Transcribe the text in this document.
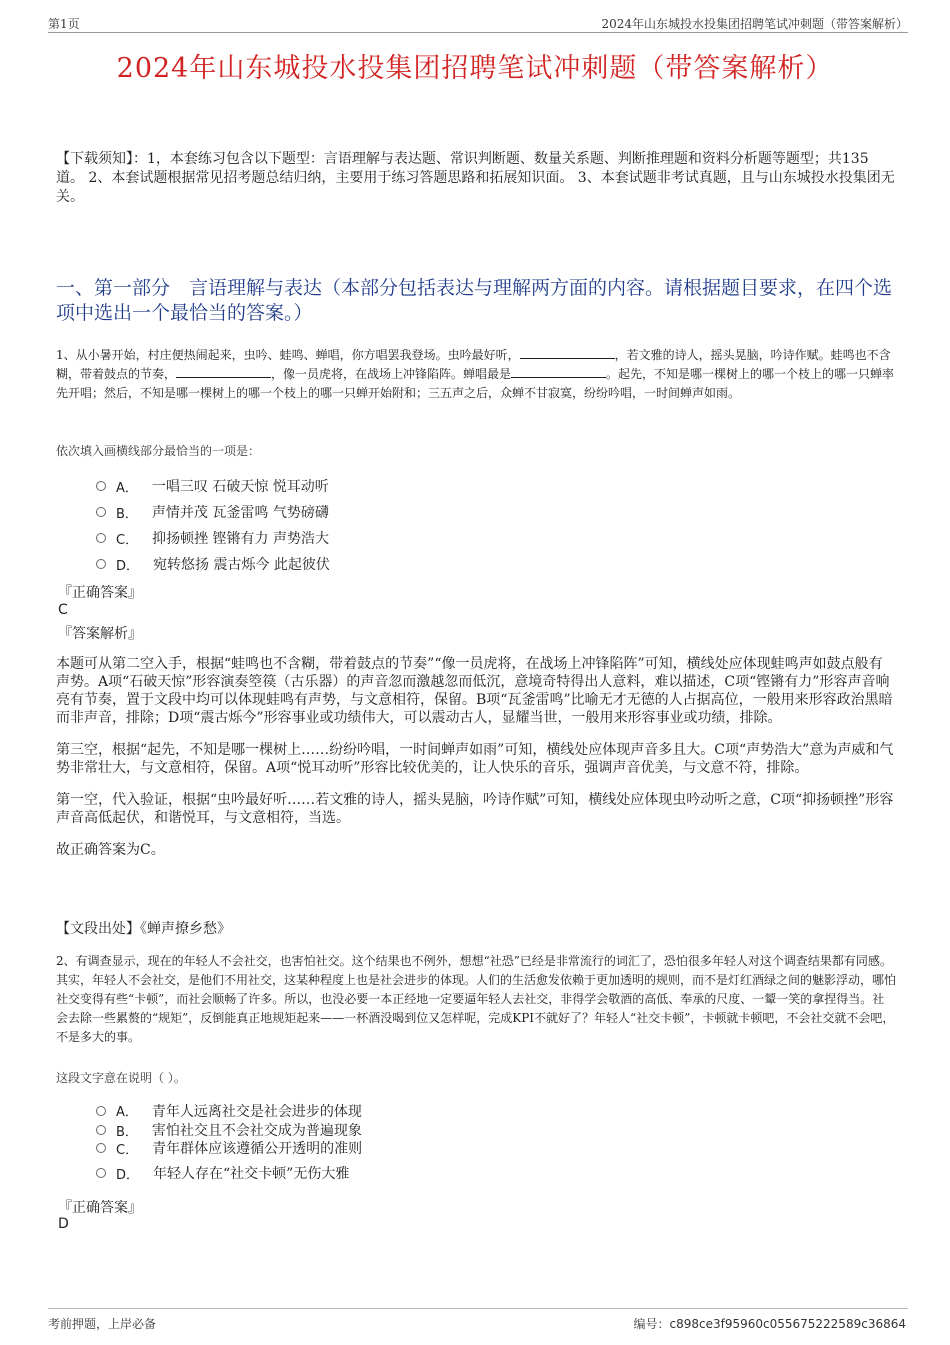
第1页	2024年山东城投水投集团招聘笔试冲刺题（带答案解析）
2024年山东城投水投集团招聘笔试冲刺题（带答案解析）
【下载须知】：1，本套练习包含以下题型：言语理解与表达题、常识判断题、数量关系题、判断推理题和资料分析题等题型；共135道。 2、本套试题根据常见招考题总结归纳，主要用于练习答题思路和拓展知识面。 3、本套试题非考试真题，且与山东城投水投集团无关。
一、第一部分　言语理解与表达（本部分包括表达与理解两方面的内容。请根据题目要求，在四个选项中选出一个最恰当的答案。）

1、从小暑开始，村庄便热闹起来，虫吟、蛙鸣、蝉唱，你方唱罢我登场。虫吟最好听，	，若文雅的诗人，摇头晃脑，吟诗作赋。蛙鸣也不含糊，带着鼓点的节奏，	，像一员虎将，在战场上冲锋陷阵。蝉唱最是	。起先，不知是哪一棵树上的哪一个枝上的哪一只蝉率先开唱；然后，不知是哪一棵树上的哪一个枝上的哪一只蝉开始附和；三五声之后，众蝉不甘寂寞，纷纷吟唱，一时间蝉声如雨。

依次填入画横线部分最恰当的一项是：

A． 一唱三叹 石破天惊 悦耳动听
B． 声情并茂 瓦釜雷鸣 气势磅礴
C． 抑扬顿挫 铿锵有力 声势浩大
D． 宛转悠扬 震古烁今 此起彼伏
『正确答案』
C
『答案解析』

本题可从第二空入手，根据“蛙鸣也不含糊，带着鼓点的节奏”“像一员虎将，在战场上冲锋陷阵”可知，横线处应体现蛙鸣声如鼓点般有声势。A项“石破天惊”形容演奏箜篌（古乐器）的声音忽而激越忽而低沉，意境奇特得出人意料，难以描述，C项“铿锵有力”形容声音响亮有节奏，置于文段中均可以体现蛙鸣有声势，与文意相符，保留。B项“瓦釜雷鸣”比喻无才无德的人占据高位，一般用来形容政治黑暗而非声音，排除；D项“震古烁今”形容事业或功绩伟大，可以震动古人，显耀当世，一般用来形容事业或功绩，排除。

第三空，根据“起先，不知是哪一棵树上……纷纷吟唱，一时间蝉声如雨”可知，横线处应体现声音多且大。C项“声势浩大”意为声威和气势非常壮大，与文意相符，保留。A项“悦耳动听”形容比较优美的，让人快乐的音乐，强调声音优美，与文意不符，排除。

第一空，代入验证，根据“虫吟最好听……若文雅的诗人，摇头晃脑，吟诗作赋”可知，横线处应体现虫吟动听之意，C项“抑扬顿挫”形容声音高低起伏，和谐悦耳，与文意相符，当选。

故正确答案为C。

【文段出处】《蝉声撩乡愁》

2、有调查显示，现在的年轻人不会社交，也害怕社交。这个结果也不例外，想想“社恐”已经是非常流行的词汇了，恐怕很多年轻人对这个调查结果都有同感。其实，年轻人不会社交，是他们不用社交，这某种程度上也是社会进步的体现。人们的生活愈发依赖于更加透明的规则，而不是灯红酒绿之间的魅影浮动，哪怕社交变得有些“卡顿”，而社会顺畅了许多。所以，也没必要一本正经地一定要逼年轻人去社交，非得学会敬酒的高低、奉承的尺度、一颦一笑的拿捏得当。社会去除一些累赘的“规矩”，反倒能真正地规矩起来——一杯酒没喝到位又怎样呢，完成KPI不就好了？年轻人“社交卡顿”，卡顿就卡顿吧，不会社交就不会吧，不是多大的事。

这段文字意在说明（ ）。

A． 青年人远离社交是社会进步的体现
B． 害怕社交且不会社交成为普遍现象
C． 青年群体应该遵循公开透明的准则
D． 年轻人存在“社交卡顿”无伤大雅
『正确答案』
D
考前押题，上岸必备	编号：c898ce3f95960c055675222589c36864
